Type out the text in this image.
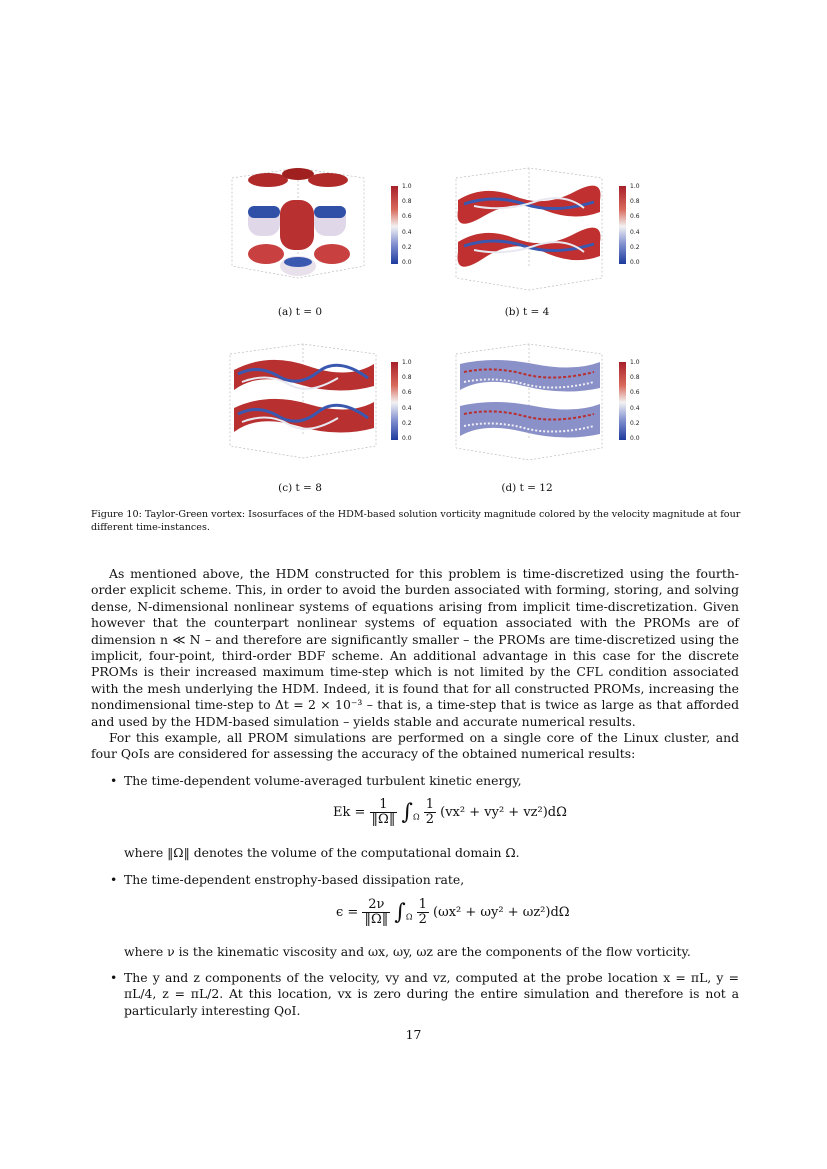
1.0
0.8
0.6
0.4
0.2
0.0
(a) t = 0
1.0
0.8
0.6
0.4
0.2
0.0
(b) t = 4
1.0
0.8
0.6
0.4
0.2
0.0
(c) t = 8
1.0
0.8
0.6
0.4
0.2
0.0
(d) t = 12
Figure 10: Taylor-Green vortex: Isosurfaces of the HDM-based solution vorticity magnitude colored by the velocity magnitude at four different time-instances.

As mentioned above, the HDM constructed for this problem is time-discretized using the fourth-order explicit scheme. This, in order to avoid the burden associated with forming, storing, and solving dense, N-dimensional nonlinear systems of equations arising from implicit time-discretization. Given however that the counterpart nonlinear systems of equation associated with the PROMs are of dimension n ≪ N – and therefore are significantly smaller – the PROMs are time-discretized using the implicit, four-point, third-order BDF scheme. An additional advantage in this case for the discrete PROMs is their increased maximum time-step which is not limited by the CFL condition associated with the mesh underlying the HDM. Indeed, it is found that for all constructed PROMs, increasing the nondimensional time-step to Δt = 2 × 10⁻³ – that is, a time-step that is twice as large as that afforded and used by the HDM-based simulation – yields stable and accurate numerical results.

For this example, all PROM simulations are performed on a single core of the Linux cluster, and four QoIs are considered for assessing the accuracy of the obtained numerical results:

• The time-dependent volume-averaged turbulent kinetic energy,
$Ek = \frac{1}{‖\Omega‖} \int_\Omega \frac{1}{2} (vx^2 + vy^2 + vz^2)d\Omega$
where ‖Ω‖ denotes the volume of the computational domain Ω.
• The time-dependent enstrophy-based dissipation rate,
$\epsilon = \frac{2\nu}{‖\Omega‖} \int_\Omega \frac{1}{2} (\omega x^2 + \omega y^2 + \omega z^2)d\Omega$
where ν is the kinematic viscosity and ωx, ωy, ωz are the components of the flow vorticity.
• The y and z components of the velocity, vy and vz, computed at the probe location x = πL, y = πL/4, z = πL/2. At this location, vx is zero during the entire simulation and therefore is not a particularly interesting QoI.
17
